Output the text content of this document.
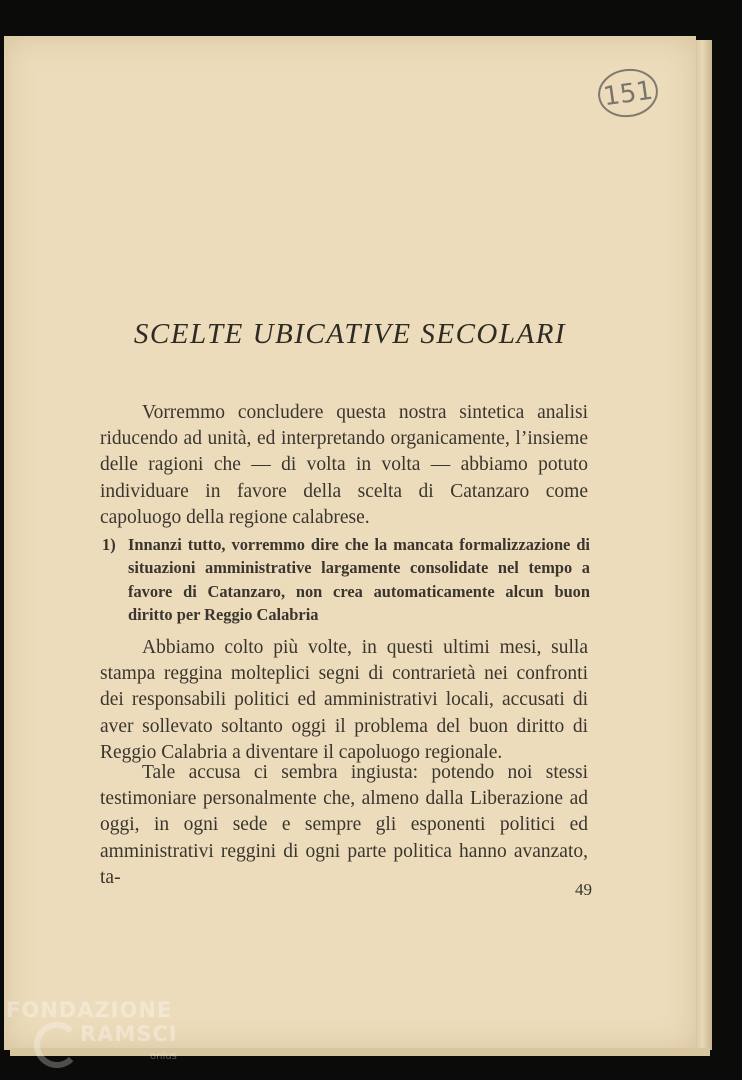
151
SCELTE UBICATIVE SECOLARI

Vorremmo concludere questa nostra sintetica analisi riducendo ad unità, ed interpretando organicamente, l’insieme delle ragioni che — di volta in volta — abbiamo potuto individuare in favore della scelta di Catanzaro come capoluogo della regione calabrese.

1) Innanzi tutto, vorremmo dire che la mancata formalizzazione di situazioni amministrative largamente consolidate nel tempo a favore di Catanzaro, non crea automaticamente alcun buon diritto per Reggio Calabria

Abbiamo colto più volte, in questi ultimi mesi, sulla stampa reggina molteplici segni di contrarietà nei confronti dei responsabili politici ed amministrativi locali, accusati di aver sollevato soltanto oggi il problema del buon diritto di Reggio Calabria a diventare il capoluogo regionale.

Tale accusa ci sembra ingiusta: potendo noi stessi testimoniare personalmente che, almeno dalla Liberazione ad oggi, in ogni sede e sempre gli esponenti politici ed amministrativi reggini di ogni parte politica hanno avanzato, ta-

49
FONDAZIONE
RAMSCI
onlus
